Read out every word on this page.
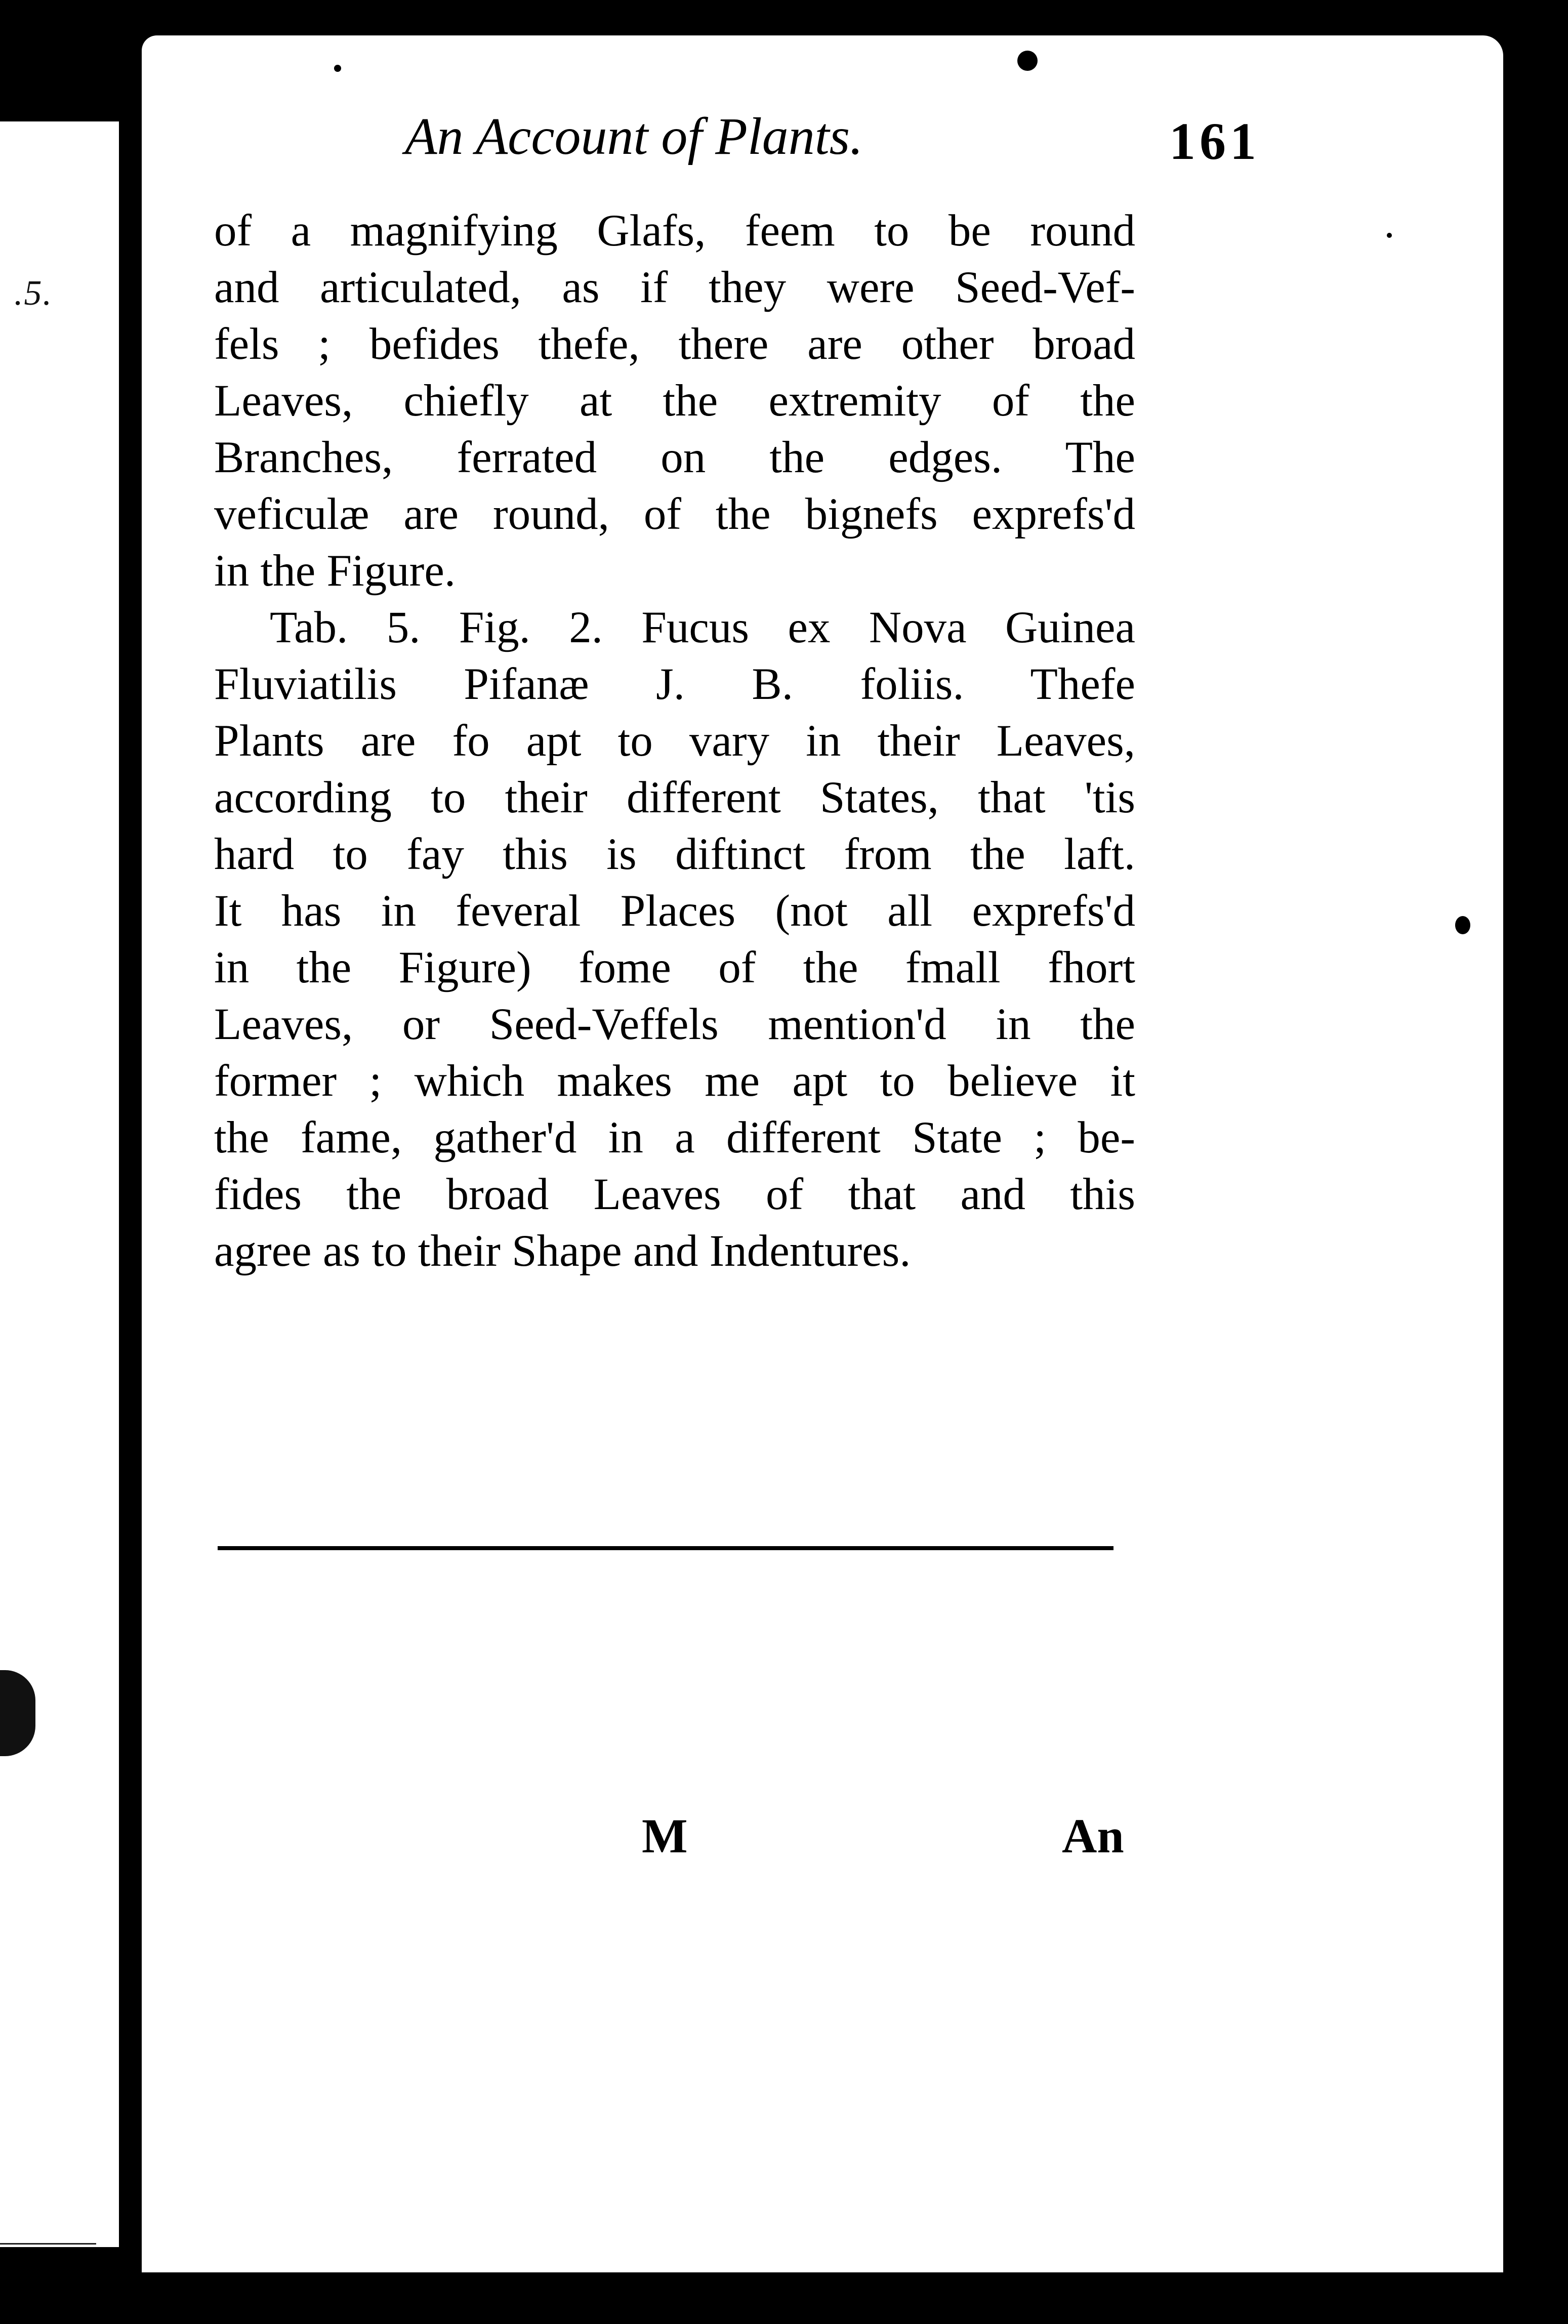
.5.
An Account of Plants.	161
of a magnifying Glafs, feem to be round
and articulated, as if they were Seed-Vef-
fels ; befides thefe, there are other broad
Leaves, chiefly at the extremity of the
Branches, ferrated on the edges. The
veficulæ are round, of the bignefs exprefs'd
in the Figure.
Tab. 5. Fig. 2. Fucus ex Nova Guinea
Fluviatilis Pifanæ J. B. foliis. Thefe
Plants are fo apt to vary in their Leaves,
according to their different States, that 'tis
hard to fay this is diftinct from the laft.
It has in feveral Places (not all exprefs'd
in the Figure) fome of the fmall fhort
Leaves, or Seed-Veffels mention'd in the
former ; which makes me apt to believe it
the fame, gather'd in a different State ; be-
fides the broad Leaves of that and this
agree as to their Shape and Indentures.
M	An
